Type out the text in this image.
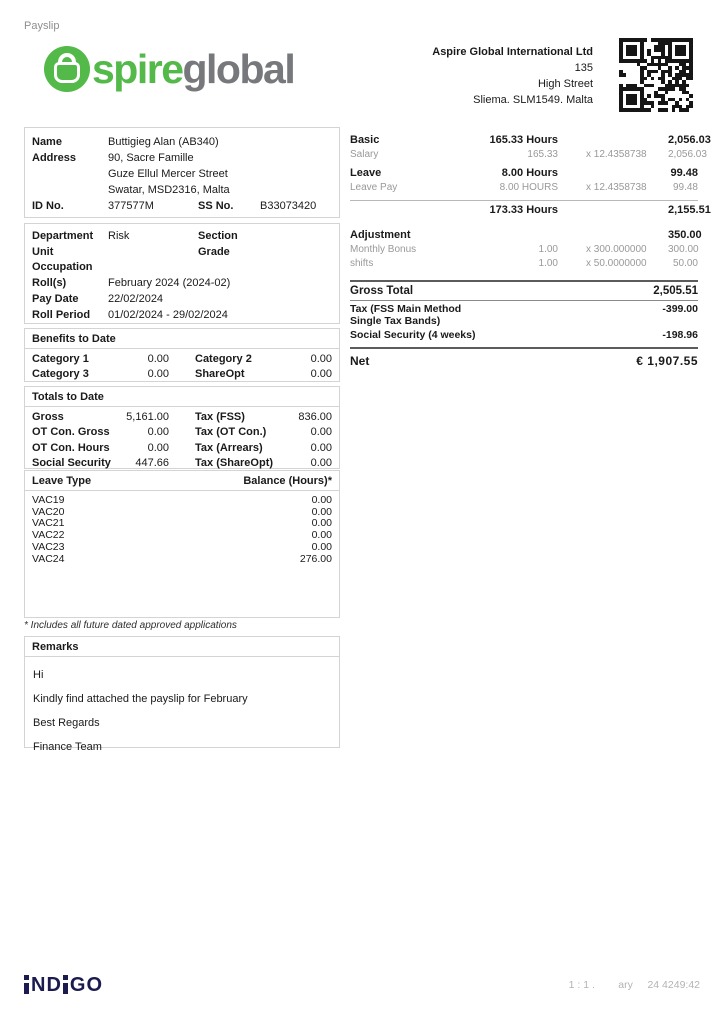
Payslip
spire global	Aspire Global International Ltd
135
High Street
Sliema. SLM1549. Malta
Name	Buttigieg Alan (AB340)
Address	90, Sacre Famille
Guze Ellul Mercer Street
Swatar, MSD2316, Malta
ID No.	377577M	SS No.	B33073420
Department	Risk	Section
Unit	Grade
Occupation
Roll(s)	February 2024 (2024-02)
Pay Date	22/02/2024
Roll Period	01/02/2024 - 29/02/2024
Benefits to Date
Category 1	0.00 Category 2	0.00
Category 3	0.00 ShareOpt	0.00
Totals to Date
Gross	5,161.00 Tax (FSS)	836.00
OT Con. Gross	0.00 Tax (OT Con.)	0.00
OT Con. Hours	0.00 Tax (Arrears)	0.00
Social Security 447.66 Tax (ShareOpt)	0.00
Leave Type	Balance (Hours)*
VAC19	0.00
VAC20	0.00
VAC21	0.00
VAC22	0.00
VAC23	0.00
VAC24	276.00
* Includes all future dated approved applications
Remarks
Hi
Kindly find attached the payslip for February
Best Regards
Finance Team
Basic	165.33 Hours	2,056.03
Salary	165.33	x 12.4358738	2,056.03
Leave	8.00 Hours	99.48
Leave Pay	8.00 HOURS	x 12.4358738	99.48
173.33 Hours	2,155.51
Adjustment	350.00
Monthly Bonus	1.00	x 300.000000	300.00
shifts	1.00	x 50.0000000	50.00
Gross Total	2,505.51
Tax (FSS Main Method	-399.00
Single Tax Bands)
Social Security (4 weeks)	-198.96
Net	€ 1,907.55
ND GO	1 : 1 .        ary     24 4249:42
